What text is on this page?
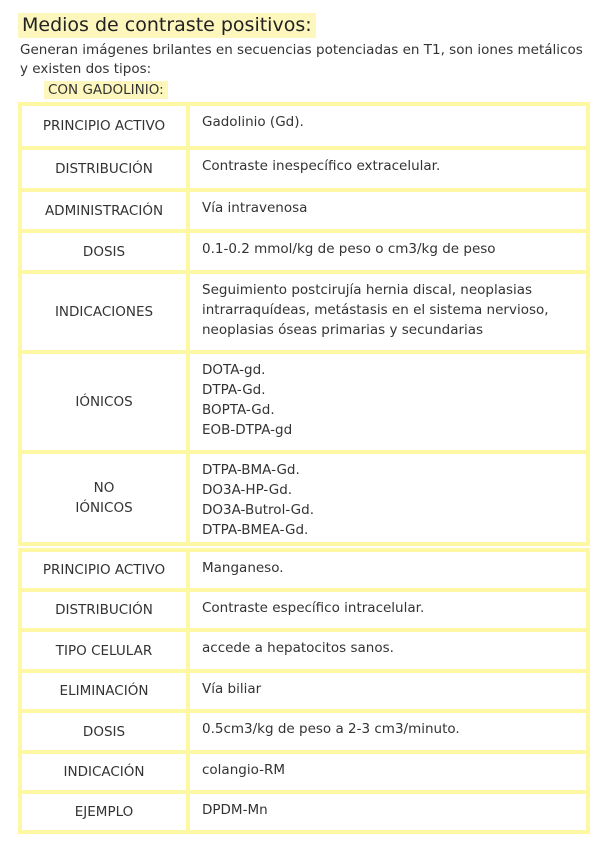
Medios de contraste positivos:
Generan imágenes brilantes en secuencias potenciadas en T1, son iones metálicos y existen dos tipos:
CON GADOLINIO:
PRINCIPIO ACTIVO	Gadolinio (Gd).

DISTRIBUCIÓN	Contraste inespecífico extracelular.

ADMINISTRACIÓN	Vía intravenosa

DOSIS	0.1-0.2 mmol/kg de peso o cm3/kg de peso

INDICACIONES	Seguimiento postcirujía hernia discal, neoplasias
intrarraquídeas, metástasis en el sistema nervioso,
neoplasias óseas primarias y secundarias

IÓNICOS	DOTA-gd.
DTPA-Gd.
BOPTA-Gd.
EOB-DTPA-gd

NO
IÓNICOS	DTPA-BMA-Gd.
DO3A-HP-Gd.
DO3A-Butrol-Gd.
DTPA-BMEA-Gd.
PRINCIPIO ACTIVO	Manganeso.

DISTRIBUCIÓN	Contraste específico intracelular.

TIPO CELULAR	accede a hepatocitos sanos.

ELIMINACIÓN	Vía biliar

DOSIS	0.5cm3/kg de peso a 2-3 cm3/minuto.

INDICACIÓN	colangio-RM

EJEMPLO	DPDM-Mn
